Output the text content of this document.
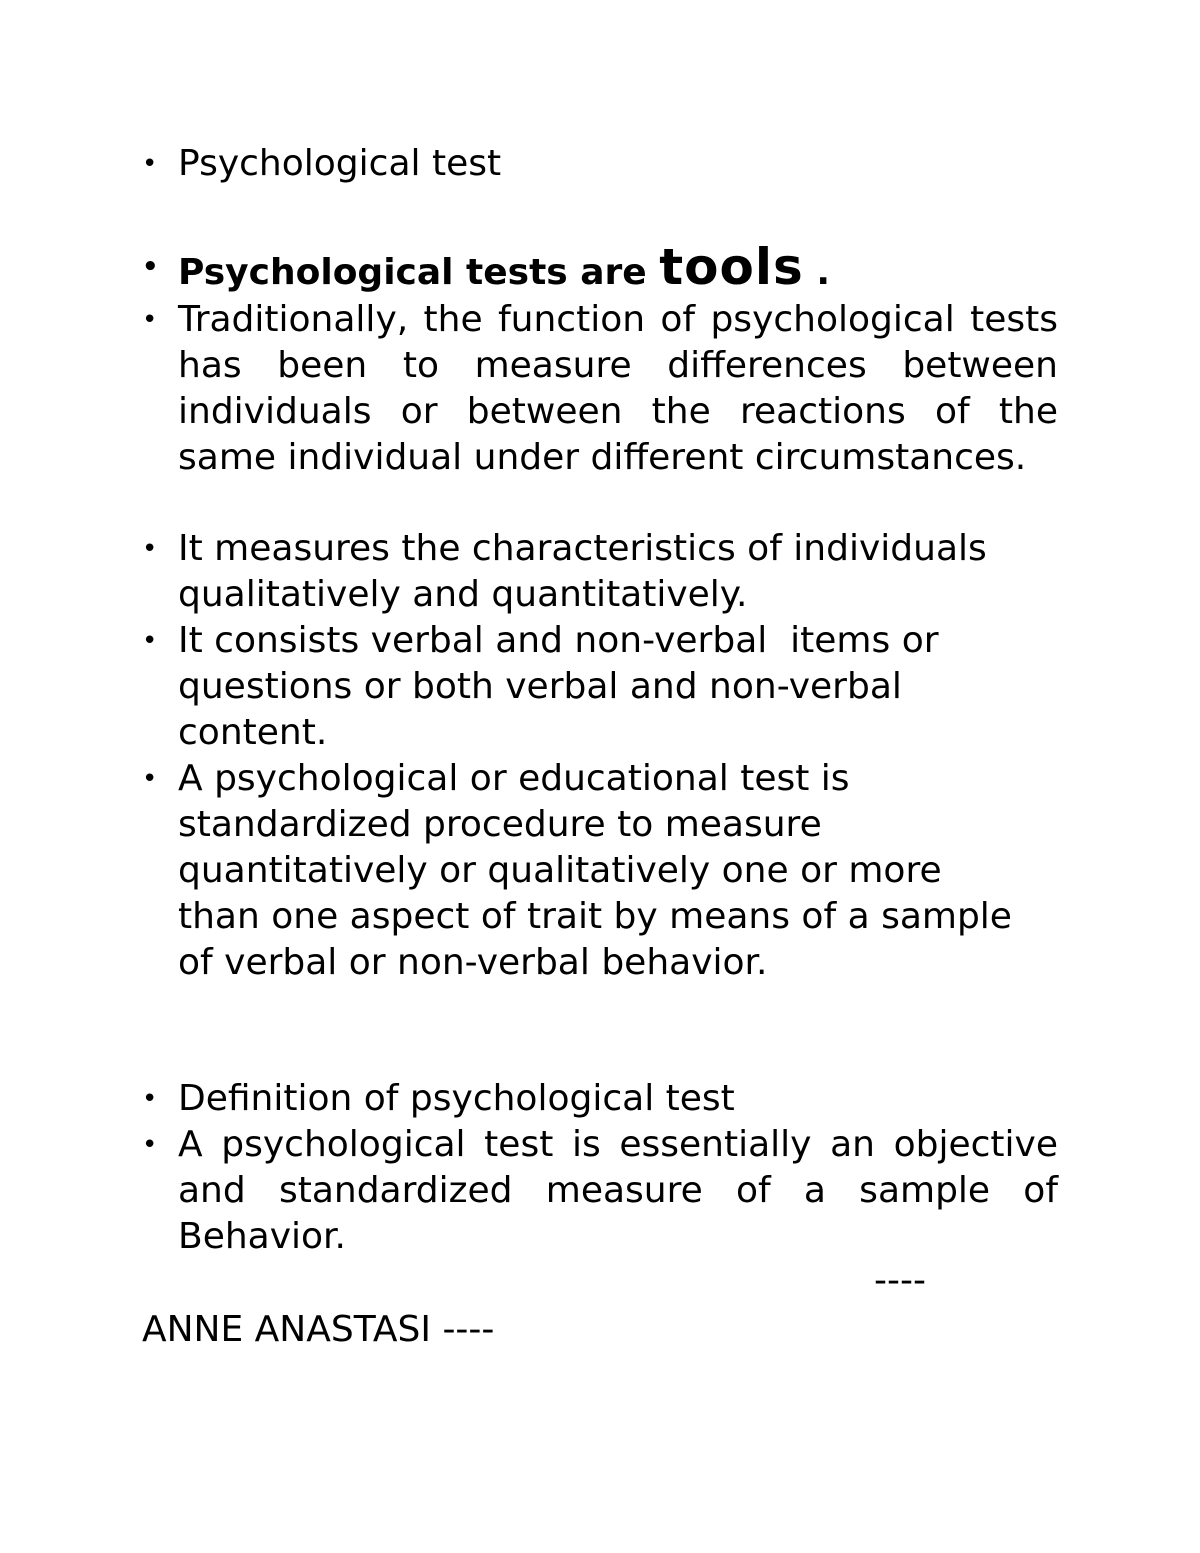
• Psychological test
• Psychological tests are tools .
• Traditionally, the function of psychological tests has been to measure differences between individuals or between the reactions of the same individual under different circumstances.
• It measures the characteristics of individuals qualitatively and quantitatively.
• It consists verbal and non-verbal  items or questions or both verbal and non-verbal content.
• A psychological or educational test is standardized procedure to measure quantitatively or qualitatively one or more than one aspect of trait by means of a sample of verbal or non-verbal behavior.
• Definition of psychological test
• A psychological test is essentially an objective and standardized measure of a sample of Behavior.
----
ANNE ANASTASI ----
